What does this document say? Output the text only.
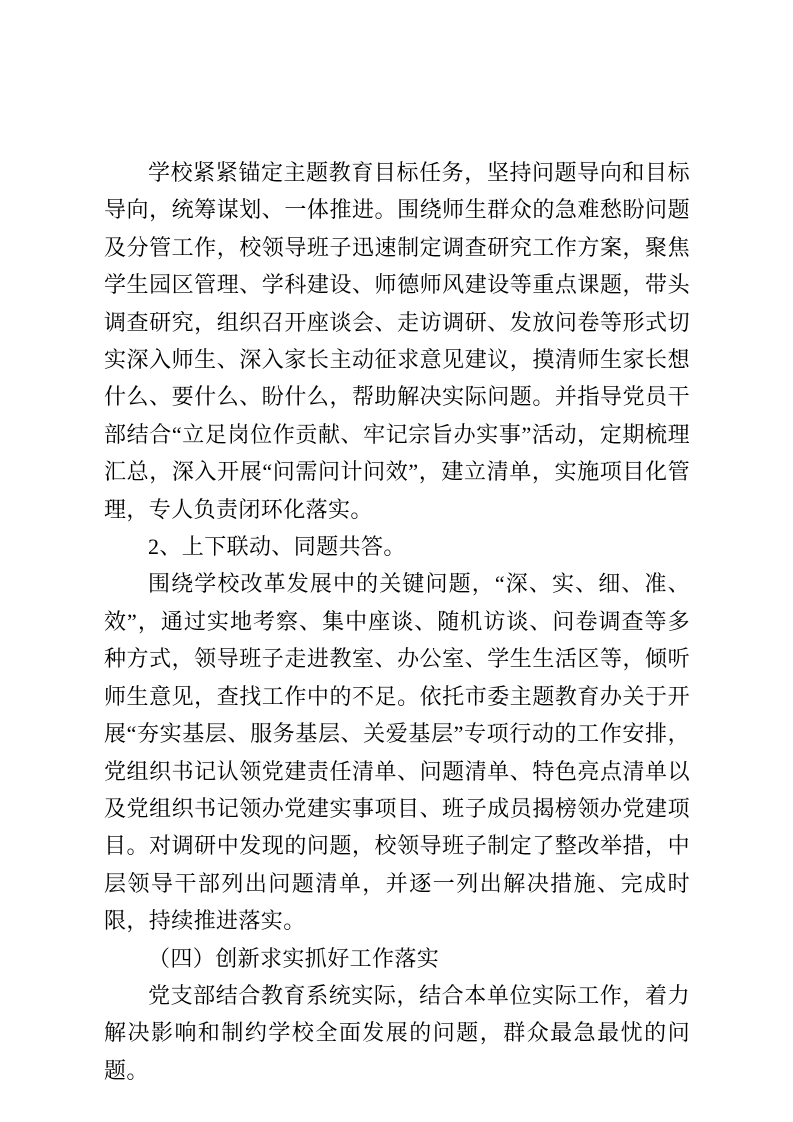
学校紧紧锚定主题教育目标任务，坚持问题导向和目标导向，统筹谋划、一体推进。围绕师生群众的急难愁盼问题及分管工作，校领导班子迅速制定调查研究工作方案，聚焦学生园区管理、学科建设、师德师风建设等重点课题，带头调查研究，组织召开座谈会、走访调研、发放问卷等形式切实深入师生、深入家长主动征求意见建议，摸清师生家长想什么、要什么、盼什么，帮助解决实际问题。并指导党员干部结合“立足岗位作贡献、牢记宗旨办实事”活动，定期梳理汇总，深入开展“问需问计问效”，建立清单，实施项目化管理，专人负责闭环化落实。

2、上下联动、同题共答。

围绕学校改革发展中的关键问题，“深、实、细、准、效”，通过实地考察、集中座谈、随机访谈、问卷调查等多种方式，领导班子走进教室、办公室、学生生活区等，倾听师生意见，查找工作中的不足。依托市委主题教育办关于开展“夯实基层、服务基层、关爱基层”专项行动的工作安排，党组织书记认领党建责任清单、问题清单、特色亮点清单以及党组织书记领办党建实事项目、班子成员揭榜领办党建项目。对调研中发现的问题，校领导班子制定了整改举措，中层领导干部列出问题清单，并逐一列出解决措施、完成时限，持续推进落实。

（四）创新求实抓好工作落实

党支部结合教育系统实际，结合本单位实际工作，着力解决影响和制约学校全面发展的问题，群众最急最忧的问题。
